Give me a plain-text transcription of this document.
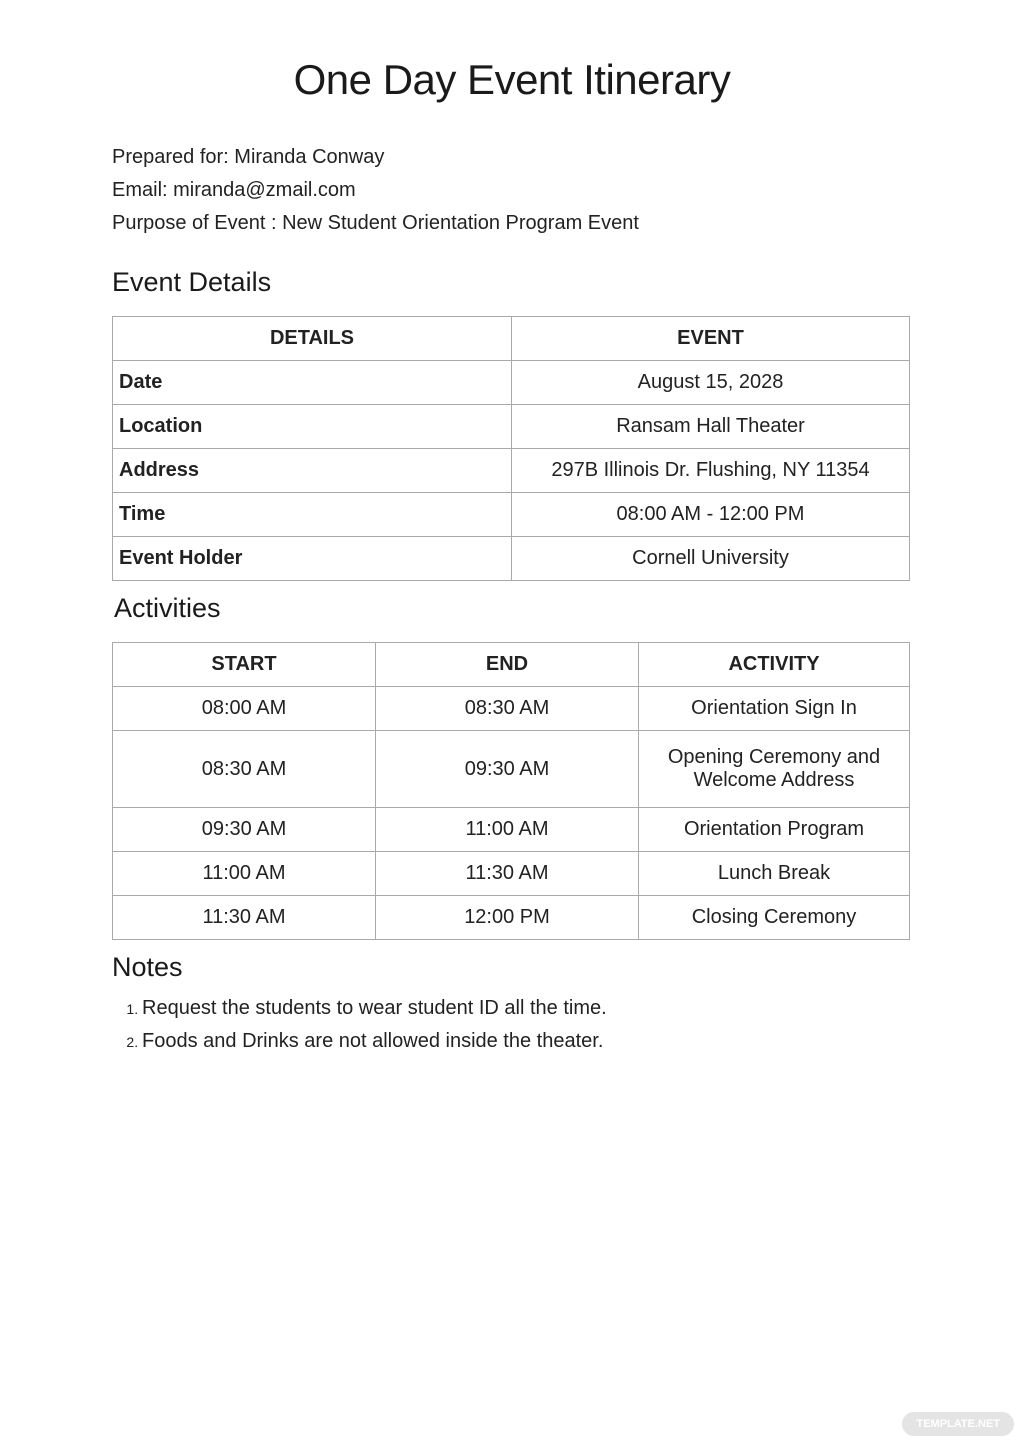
One Day Event Itinerary
Prepared for: Miranda Conway
Email: miranda@zmail.com
Purpose of Event : New Student Orientation Program Event
Event Details
DETAILS	EVENT
Date	August 15, 2028
Location	Ransam Hall Theater
Address	297B Illinois Dr. Flushing, NY 11354
Time	08:00 AM - 12:00 PM
Event Holder	Cornell University
Activities
START	END	ACTIVITY
08:00 AM	08:30 AM	Orientation Sign In
08:30 AM	09:30 AM	Opening Ceremony and Welcome Address
09:30 AM	11:00 AM	Orientation Program
11:00 AM	11:30 AM	Lunch Break
11:30 AM	12:00 PM	Closing Ceremony
Notes
1. Request the students to wear student ID all the time.
2. Foods and Drinks are not allowed inside the theater.
TEMPLATE.NET
